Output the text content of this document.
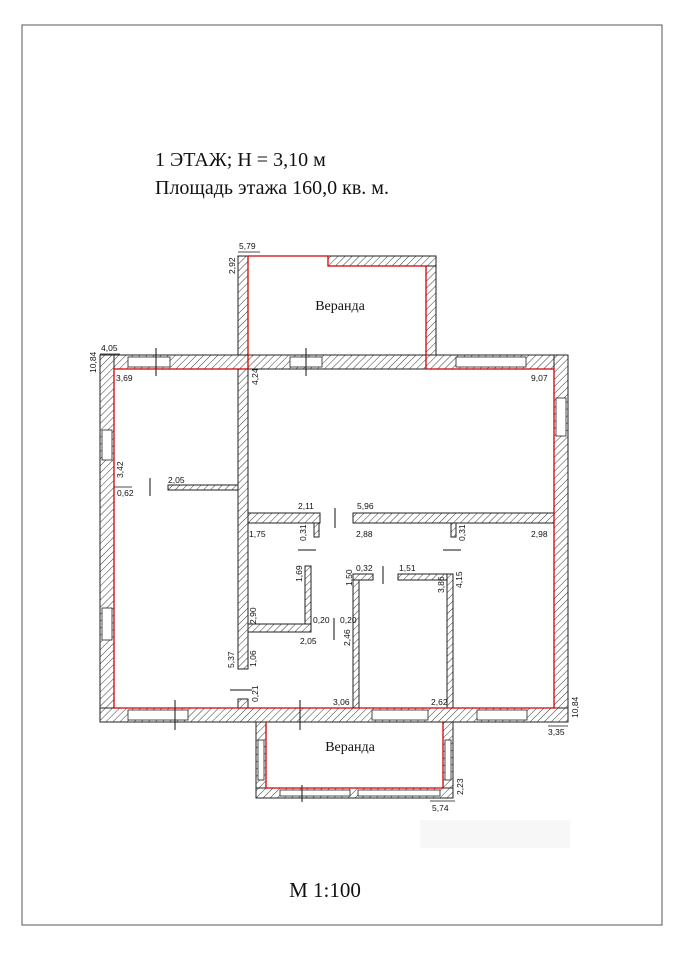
1 ЭТАЖ; H = 3,10 м
Площадь этажа 160,0 кв. м.
Веранда
Веранда
5,79
2,92
4,05
10,84
3,69	4,24	9,07
3,42
0,62
2,05
2,11	5,96
1,75	0,31	2,88	0,31	2,98
1,69	1,50
0,32	1,51
3,86 4,15
2,90	0,20 0,20
2,46
2,05
5,37 1,06
0,21	3,06	2,62	10,84
3,35
2,23
5,74
М 1:100
